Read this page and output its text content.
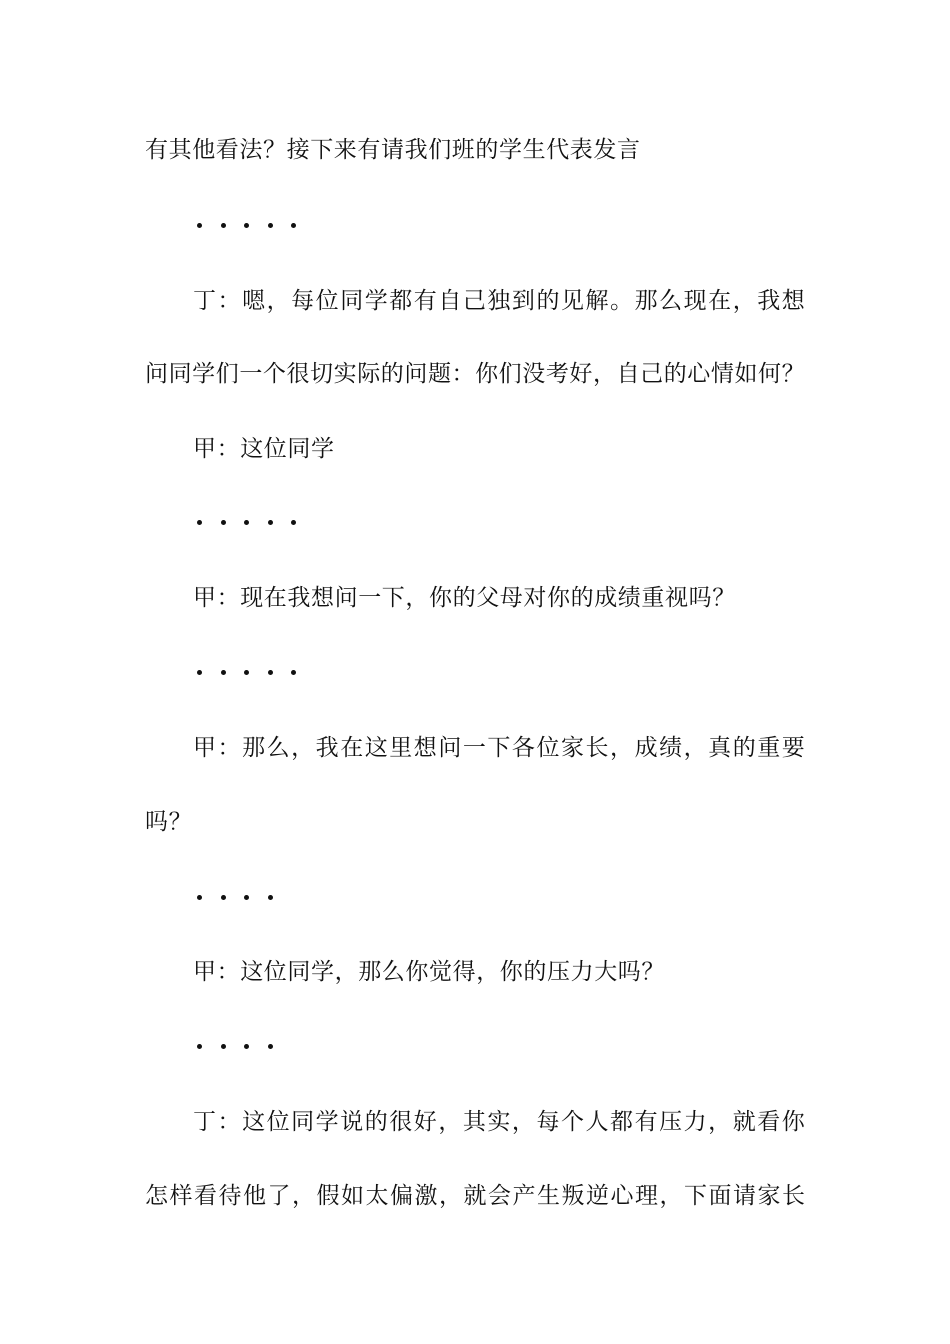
有其他看法？接下来有请我们班的学生代表发言
丁 ： 嗯 ， 每 位 同 学 都 有 自 己 独 到 的 见 解 。 那 么 现 在 ， 我 想
问 同 学 们 一 个 很 切 实 际 的 问 题 ： 你 们 没 考 好 ， 自 己 的 心 情 如 何 ？
甲：这位同学
甲：现在我想问一下，你的父母对你的成绩重视吗？
甲 ： 那 么 ， 我 在 这 里 想 问 一 下 各 位 家 长 ， 成 绩 ， 真 的 重 要
吗？
甲：这位同学，那么你觉得，你的压力大吗？
丁 ： 这 位 同 学 说 的 很 好 ， 其 实 ， 每 个 人 都 有 压 力 ， 就 看 你
怎 样 看 待 他 了 ， 假 如 太 偏 激 ， 就 会 产 生 叛 逆 心 理 ， 下 面 请 家 长
